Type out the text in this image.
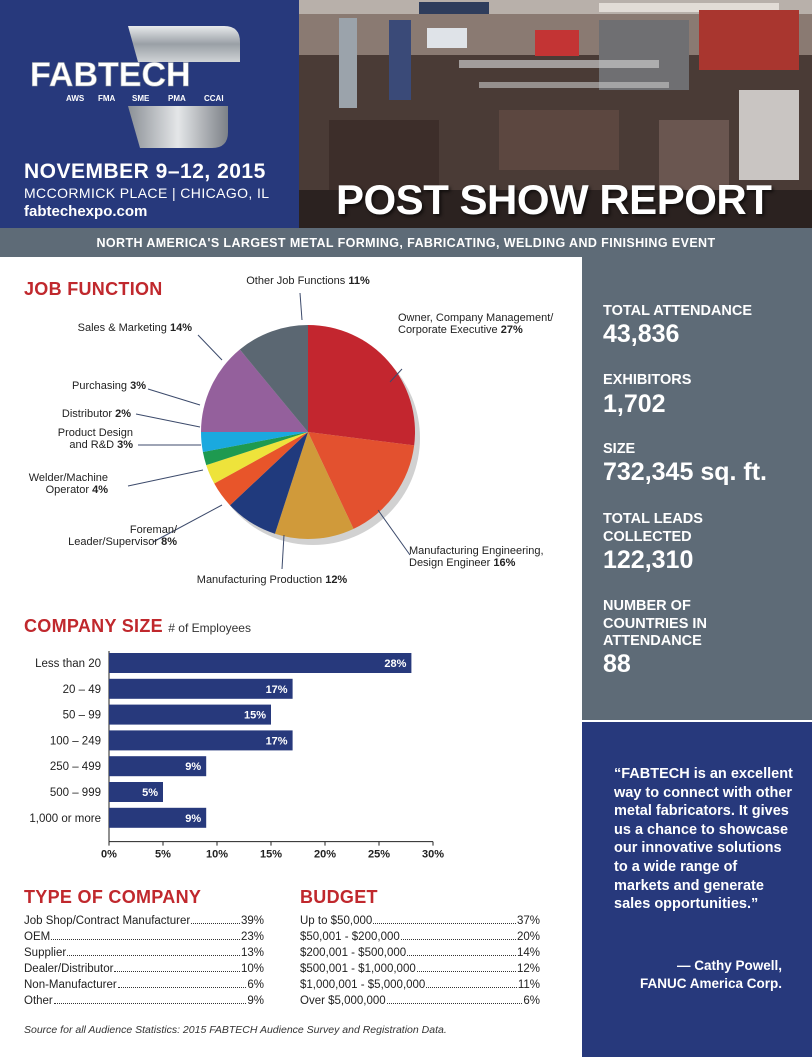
FABTECH
AWS FMA SME PMA CCAI
NOVEMBER 9–12, 2015
MCCORMICK PLACE | CHICAGO, IL
fabtechexpo.com	POST SHOW REPORT
NORTH AMERICA'S LARGEST METAL FORMING, FABRICATING, WELDING AND FINISHING EVENT
JOB FUNCTION
Owner, Company Management/ Corporate Executive 27%
Manufacturing Engineering, Design Engineer 16%
Manufacturing Production 12%
Foreman/ Leader/Supervisor 8%
Welder/Machine Operator 4%
Product Design and R&D 3%
Distributor 2%
Purchasing 3%
Sales & Marketing 14%
Other Job Functions 11%
COMPANY SIZE # of Employees
0%	5%	10%	15%	20%	25%	30%
Less than 20	28%
20 – 49	17%
50 – 99	15%
100 – 249	17%
250 – 499	9%
500 – 999	5%
1,000 or more	9%
TYPE OF COMPANY
Job Shop/Contract Manufacturer	39%
OEM	23%
Supplier	13%
Dealer/Distributor	10%
Non-Manufacturer	6%
Other	9%
BUDGET
Up to $50,000	37%
$50,001 - $200,000	20%
$200,001 - $500,000	14%
$500,001 - $1,000,000	12%
$1,000,001 - $5,000,000	11%
Over $5,000,000	6%
Source for all Audience Statistics: 2015 FABTECH Audience Survey and Registration Data.
TOTAL ATTENDANCE
43,836
EXHIBITORS
1,702
SIZE
732,345 sq. ft.
TOTAL LEADS
COLLECTED
122,310
NUMBER OF
COUNTRIES IN
ATTENDANCE
88
“FABTECH is an excellent way to connect with other metal fabricators. It gives us a chance to showcase our innovative solutions to a wide range of markets and generate sales opportunities.”
— Cathy Powell,
FANUC America Corp.
